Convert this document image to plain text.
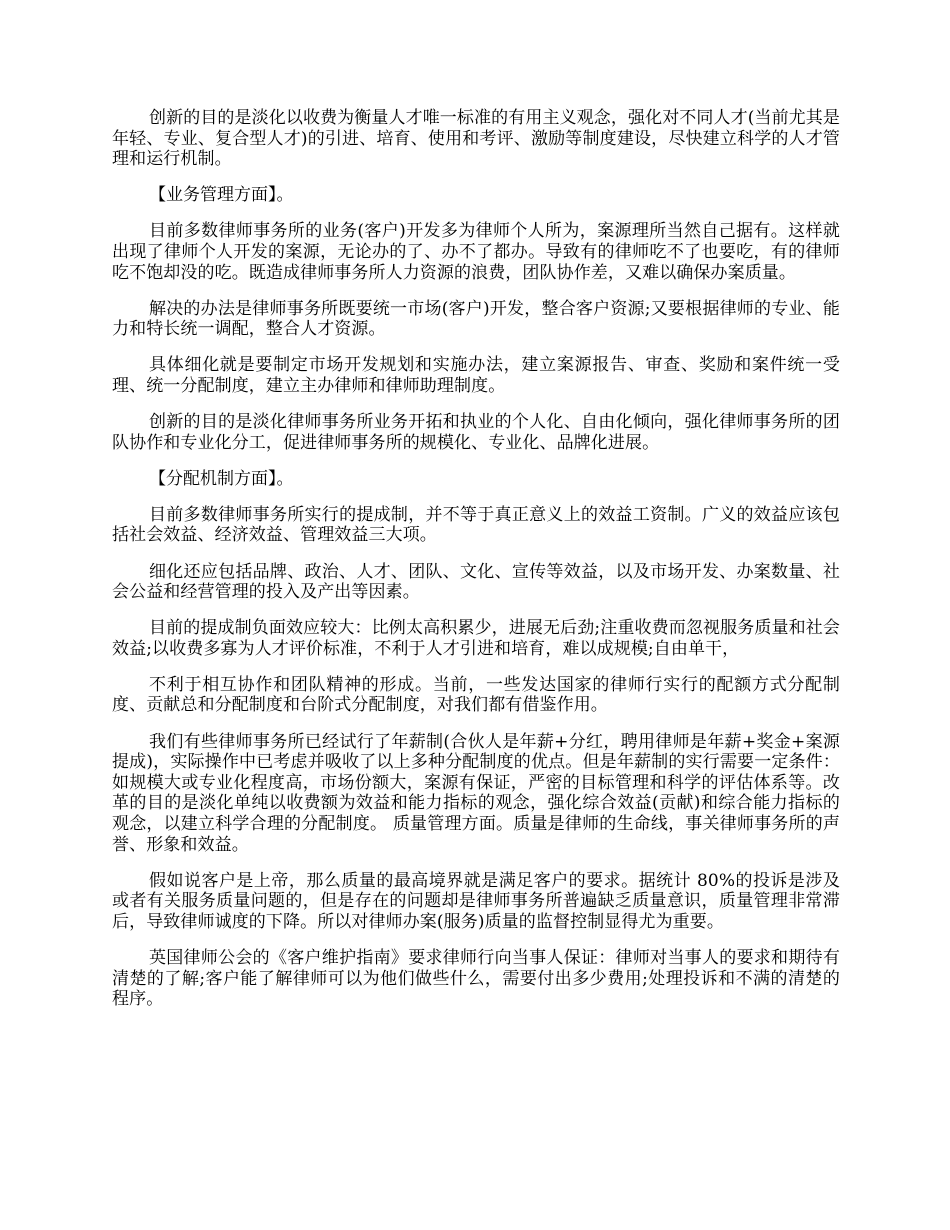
创新的目的是淡化以收费为衡量人才唯一标准的有用主义观念，强化对不同人才(当前尤其是年轻、专业、复合型人才)的引进、培育、使用和考评、激励等制度建设，尽快建立科学的人才管理和运行机制。

【业务管理方面】。

目前多数律师事务所的业务(客户)开发多为律师个人所为，案源理所当然自己据有。这样就出现了律师个人开发的案源，无论办的了、办不了都办。导致有的律师吃不了也要吃，有的律师吃不饱却没的吃。既造成律师事务所人力资源的浪费，团队协作差，又难以确保办案质量。

解决的办法是律师事务所既要统一市场(客户)开发，整合客户资源;又要根据律师的专业、能力和特长统一调配，整合人才资源。

具体细化就是要制定市场开发规划和实施办法，建立案源报告、审查、奖励和案件统一受理、统一分配制度，建立主办律师和律师助理制度。

创新的目的是淡化律师事务所业务开拓和执业的个人化、自由化倾向，强化律师事务所的团队协作和专业化分工，促进律师事务所的规模化、专业化、品牌化进展。

【分配机制方面】。

目前多数律师事务所实行的提成制，并不等于真正意义上的效益工资制。广义的效益应该包括社会效益、经济效益、管理效益三大项。

细化还应包括品牌、政治、人才、团队、文化、宣传等效益，以及市场开发、办案数量、社会公益和经营管理的投入及产出等因素。

目前的提成制负面效应较大：比例太高积累少，进展无后劲;注重收费而忽视服务质量和社会效益;以收费多寡为人才评价标准，不利于人才引进和培育，难以成规模;自由单干，

不利于相互协作和团队精神的形成。当前，一些发达国家的律师行实行的配额方式分配制度、贡献总和分配制度和台阶式分配制度，对我们都有借鉴作用。

我们有些律师事务所已经试行了年薪制(合伙人是年薪+分红，聘用律师是年薪+奖金+案源提成)，实际操作中已考虑并吸收了以上多种分配制度的优点。但是年薪制的实行需要一定条件：如规模大或专业化程度高，市场份额大，案源有保证，严密的目标管理和科学的评估体系等。改革的目的是淡化单纯以收费额为效益和能力指标的观念，强化综合效益(贡献)和综合能力指标的观念，以建立科学合理的分配制度。 质量管理方面。质量是律师的生命线，事关律师事务所的声誉、形象和效益。

假如说客户是上帝，那么质量的最高境界就是满足客户的要求。据统计 80%的投诉是涉及或者有关服务质量问题的，但是存在的问题却是律师事务所普遍缺乏质量意识，质量管理非常滞后，导致律师诚度的下降。所以对律师办案(服务)质量的监督控制显得尤为重要。

英国律师公会的《客户维护指南》要求律师行向当事人保证：律师对当事人的要求和期待有清楚的了解;客户能了解律师可以为他们做些什么，需要付出多少费用;处理投诉和不满的清楚的程序。
